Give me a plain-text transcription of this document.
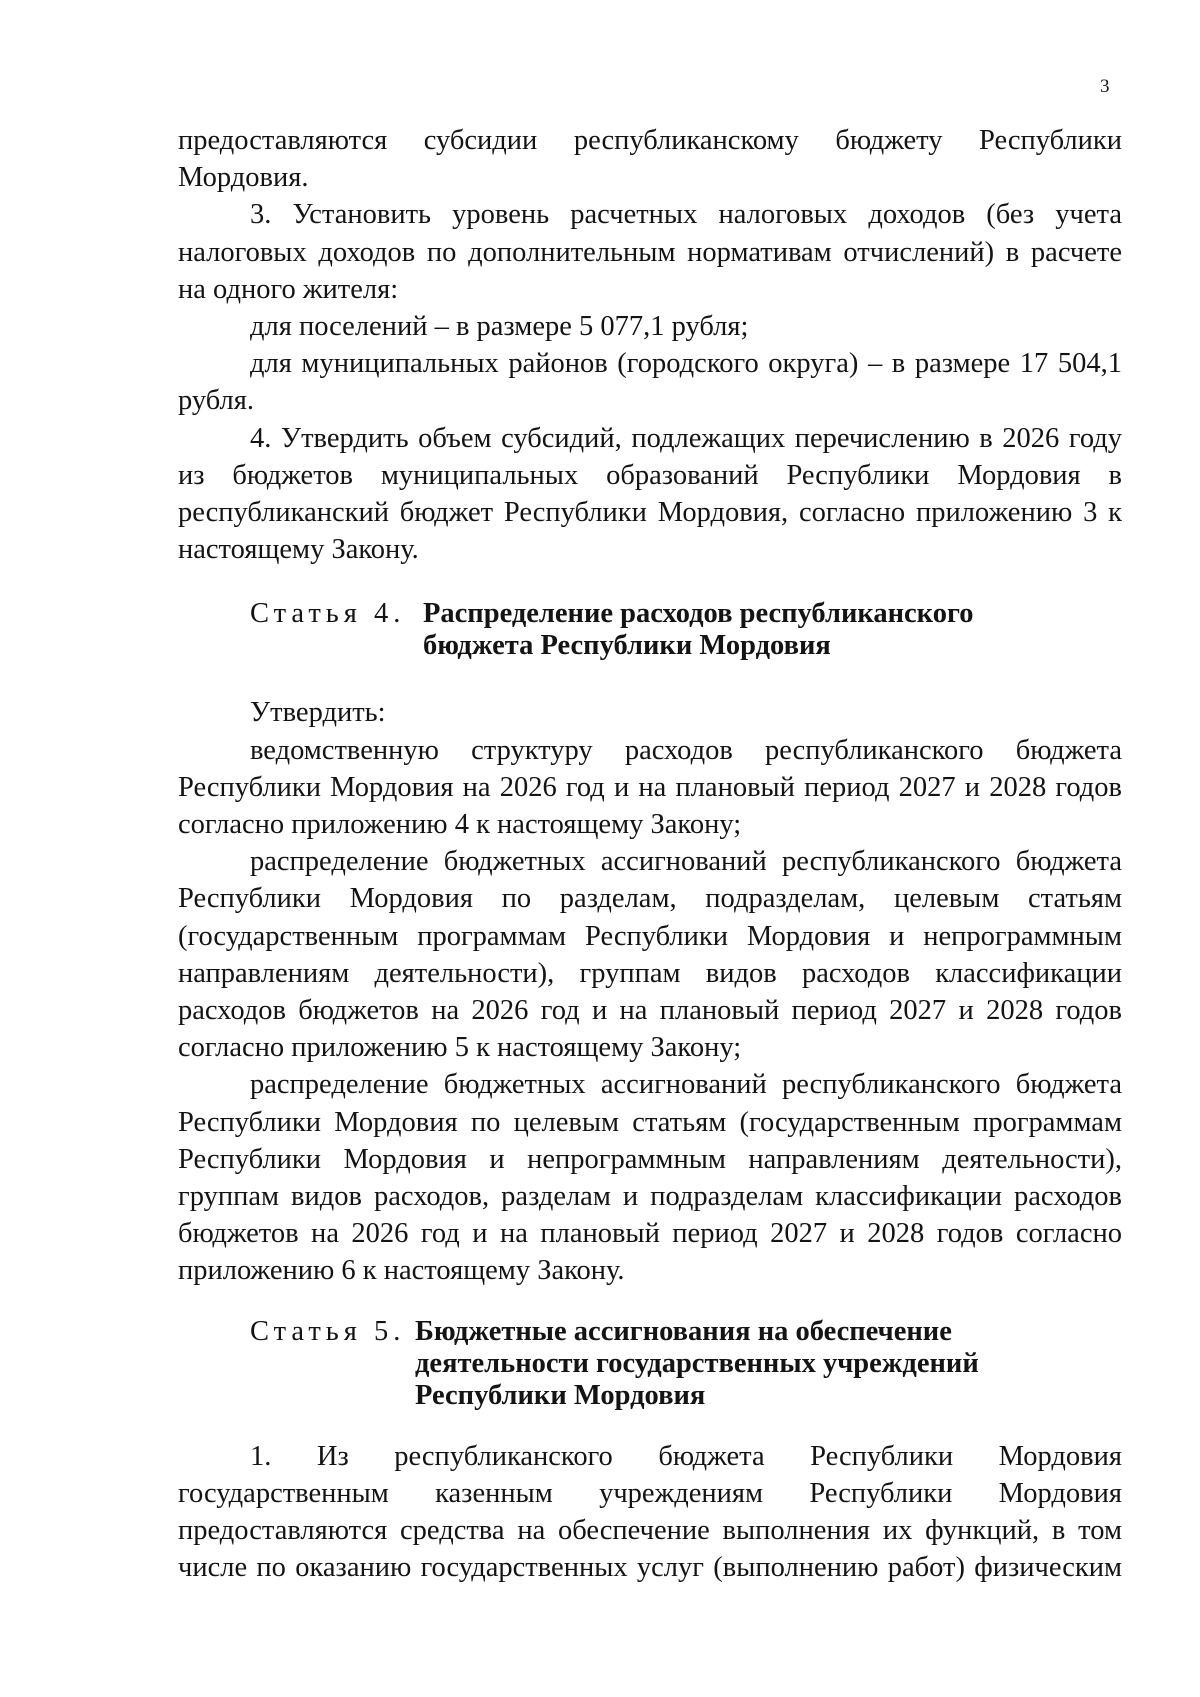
3

предоставляются субсидии республиканскому бюджету Республики Мордовия.

3. Установить уровень расчетных налоговых доходов (без учета налоговых доходов по дополнительным нормативам отчислений) в расчете на одного жителя:

для поселений – в размере 5 077,1 рубля;

для муниципальных районов (городского округа) – в размере 17 504,1 рубля.

4. Утвердить объем субсидий, подлежащих перечислению в 2026 году из бюджетов муниципальных образований Республики Мордовия в республиканский бюджет Республики Мордовия, согласно приложению 3 к настоящему Закону.

Статья 4. Распределение расходов республиканского
бюджета Республики Мордовия

Утвердить:

ведомственную структуру расходов республиканского бюджета Республики Мордовия на 2026 год и на плановый период 2027 и 2028 годов согласно приложению 4 к настоящему Закону;

распределение бюджетных ассигнований республиканского бюджета Республики Мордовия по разделам, подразделам, целевым статьям (государственным программам Республики Мордовия и непрограммным направлениям деятельности), группам видов расходов классификации расходов бюджетов на 2026 год и на плановый период 2027 и 2028 годов согласно приложению 5 к настоящему Закону;

распределение бюджетных ассигнований республиканского бюджета Республики Мордовия по целевым статьям (государственным программам Республики Мордовия и непрограммным направлениям деятельности), группам видов расходов, разделам и подразделам классификации расходов бюджетов на 2026 год и на плановый период 2027 и 2028 годов согласно приложению 6 к настоящему Закону.

Статья 5. Бюджетные ассигнования на обеспечение
деятельности государственных учреждений
Республики Мордовия

1. Из республиканского бюджета Республики Мордовия государственным казенным учреждениям Республики Мордовия предоставляются средства на обеспечение выполнения их функций, в том числе по оказанию государственных услуг (выполнению работ) физическим
